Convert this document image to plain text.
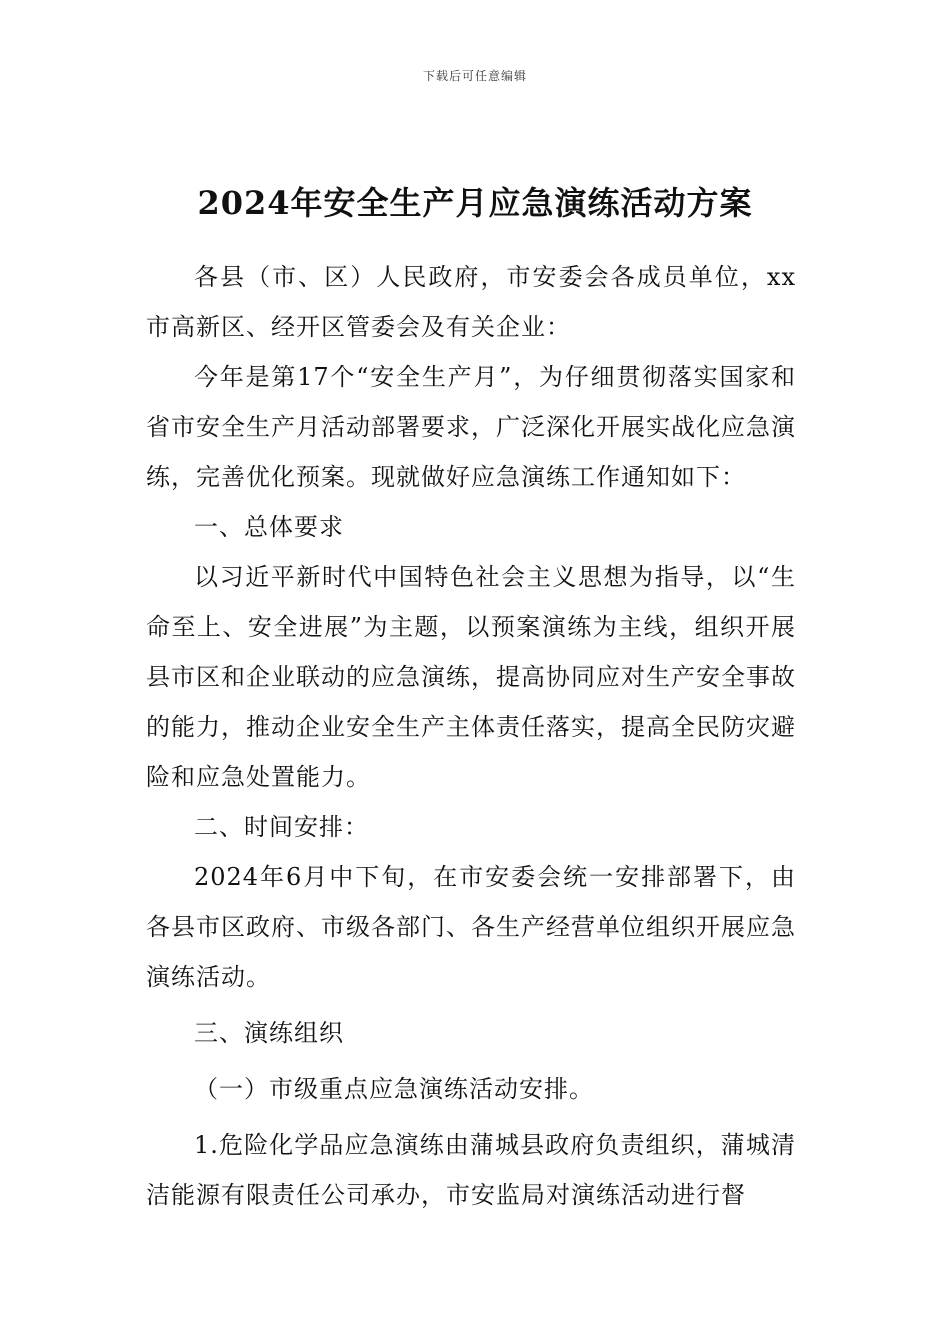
下载后可任意编辑
2024年安全生产月应急演练活动方案

各县（市、区）人民政府，市安委会各成员单位，xx市高新区、经开区管委会及有关企业：

今年是第17个“安全生产月”，为仔细贯彻落实国家和省市安全生产月活动部署要求，广泛深化开展实战化应急演练，完善优化预案。现就做好应急演练工作通知如下：

一、总体要求

以习近平新时代中国特色社会主义思想为指导，以“生命至上、安全进展”为主题，以预案演练为主线，组织开展县市区和企业联动的应急演练，提高协同应对生产安全事故的能力，推动企业安全生产主体责任落实，提高全民防灾避险和应急处置能力。

二、时间安排：

2024年6月中下旬，在市安委会统一安排部署下，由各县市区政府、市级各部门、各生产经营单位组织开展应急演练活动。

三、演练组织

（一）市级重点应急演练活动安排。

1.危险化学品应急演练由蒲城县政府负责组织，蒲城清洁能源有限责任公司承办，市安监局对演练活动进行督
